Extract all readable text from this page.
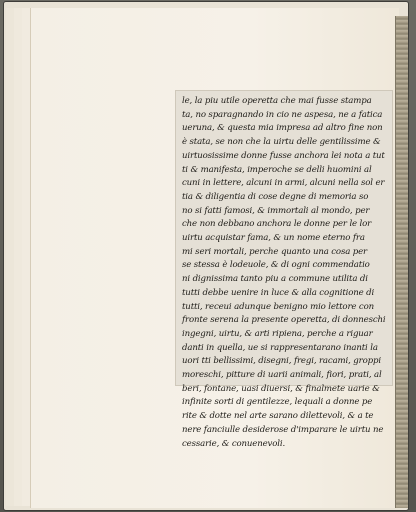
le, la piu utile operetta che mai fusse stampa
ta, no sparagnando in cio ne aspesa, ne a fatica
ueruna, & questa mia impresa ad altro fine non
è stata, se non che la uirtu delle gentilissime &
uirtuosissime donne fusse anchora lei nota a tut
ti & manifesta, imperoche se delli huomini al
cuni in lettere, alcuni in armi, alcuni nella sol er
tia & diligentia di cose degne di memoria so
no si fatti famosi, & immortali al mondo, per
che non debbano anchora le donne per le lor
uirtu acquistar fama, & un nome eterno fra
mi seri mortali, perche quanto una cosa per
se stessa è lodeuole, & di ogni commendatio
ni dignissima tanto piu a commune utilita di
tutti debbe uenire in luce & alla cognitione di
tutti, receui adunque benigno mio lettore con
fronte serena la presente operetta, di donneschi
ingegni, uirtu, & arti ripiena, perche a riguar
danti in quella, ue si rappresentarano inanti la
uori tti bellissimi, disegni, fregi, racami, groppi
moreschi, pitture di uarii animali, fiori, prati, al
beri, fontane, uasi diuersi, & finalmete uarie &
infinite sorti di gentilezze, lequali a donne pe
rite & dotte nel arte sarano dilettevoli, & a te
nere fanciulle desiderose d'imparare le uirtu ne
cessarie, & conuenevoli.
